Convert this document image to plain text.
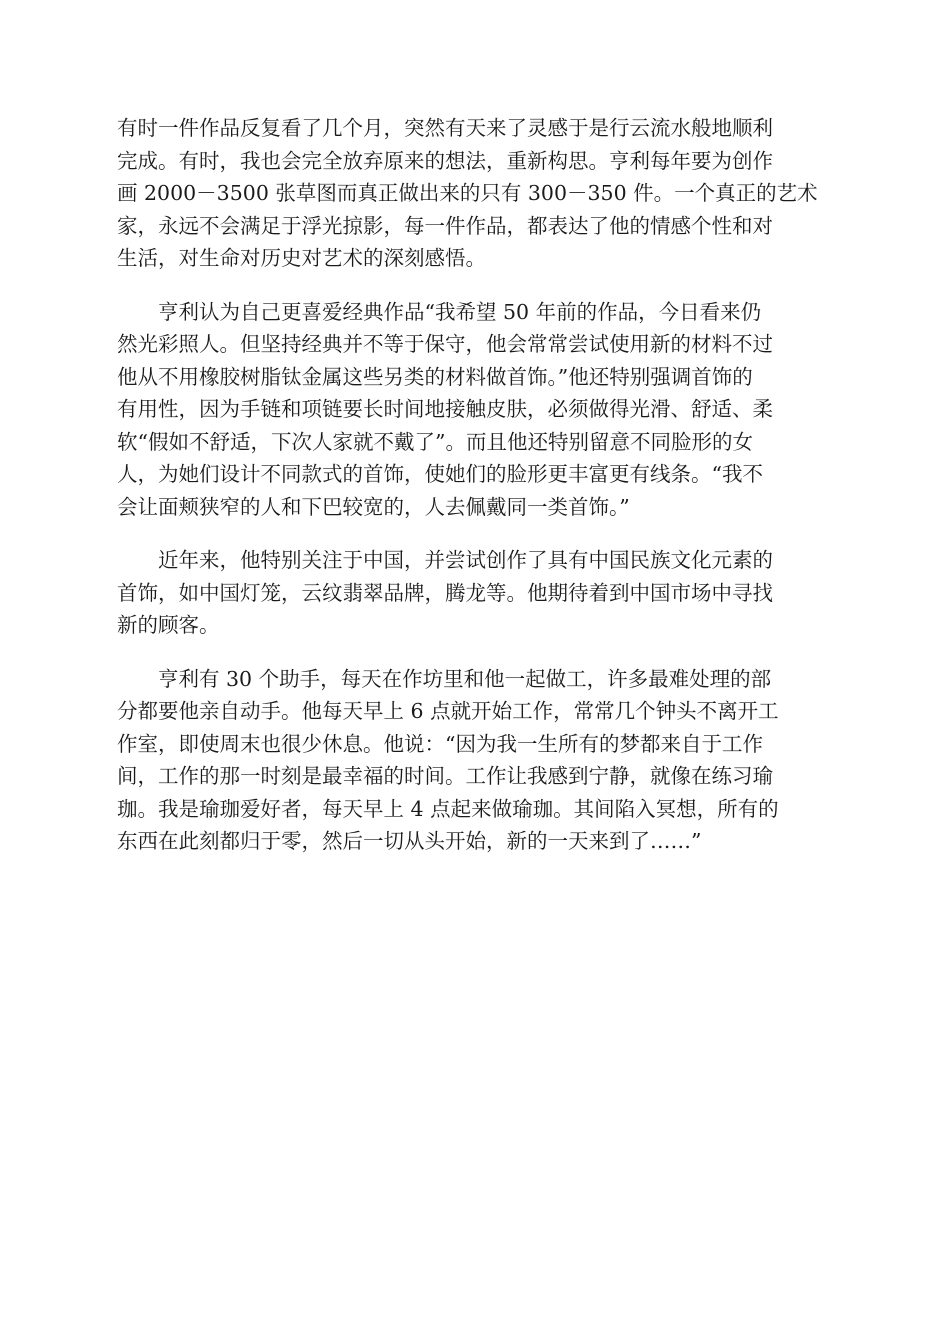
有时一件作品反复看了几个月，突然有天来了灵感于是行云流水般地顺利
完成。有时，我也会完全放弃原来的想法，重新构思。亨利每年要为创作
画 2000－3500 张草图而真正做出来的只有 300－350 件。一个真正的艺术
家，永远不会满足于浮光掠影，每一件作品，都表达了他的情感个性和对
生活，对生命对历史对艺术的深刻感悟。

亨利认为自己更喜爱经典作品“我希望 50 年前的作品，今日看来仍
然光彩照人。但坚持经典并不等于保守，他会常常尝试使用新的材料不过
他从不用橡胶树脂钛金属这些另类的材料做首饰。”他还特别强调首饰的
有用性，因为手链和项链要长时间地接触皮肤，必须做得光滑、舒适、柔
软“假如不舒适，下次人家就不戴了”。而且他还特别留意不同脸形的女
人，为她们设计不同款式的首饰，使她们的脸形更丰富更有线条。“我不
会让面颊狭窄的人和下巴较宽的，人去佩戴同一类首饰。”

近年来，他特别关注于中国，并尝试创作了具有中国民族文化元素的
首饰，如中国灯笼，云纹翡翠品牌，腾龙等。他期待着到中国市场中寻找
新的顾客。

亨利有 30 个助手，每天在作坊里和他一起做工，许多最难处理的部
分都要他亲自动手。他每天早上 6 点就开始工作，常常几个钟头不离开工
作室，即使周末也很少休息。他说：“因为我一生所有的梦都来自于工作
间，工作的那一时刻是最幸福的时间。工作让我感到宁静，就像在练习瑜
珈。我是瑜珈爱好者，每天早上 4 点起来做瑜珈。其间陷入冥想，所有的
东西在此刻都归于零，然后一切从头开始，新的一天来到了……”
